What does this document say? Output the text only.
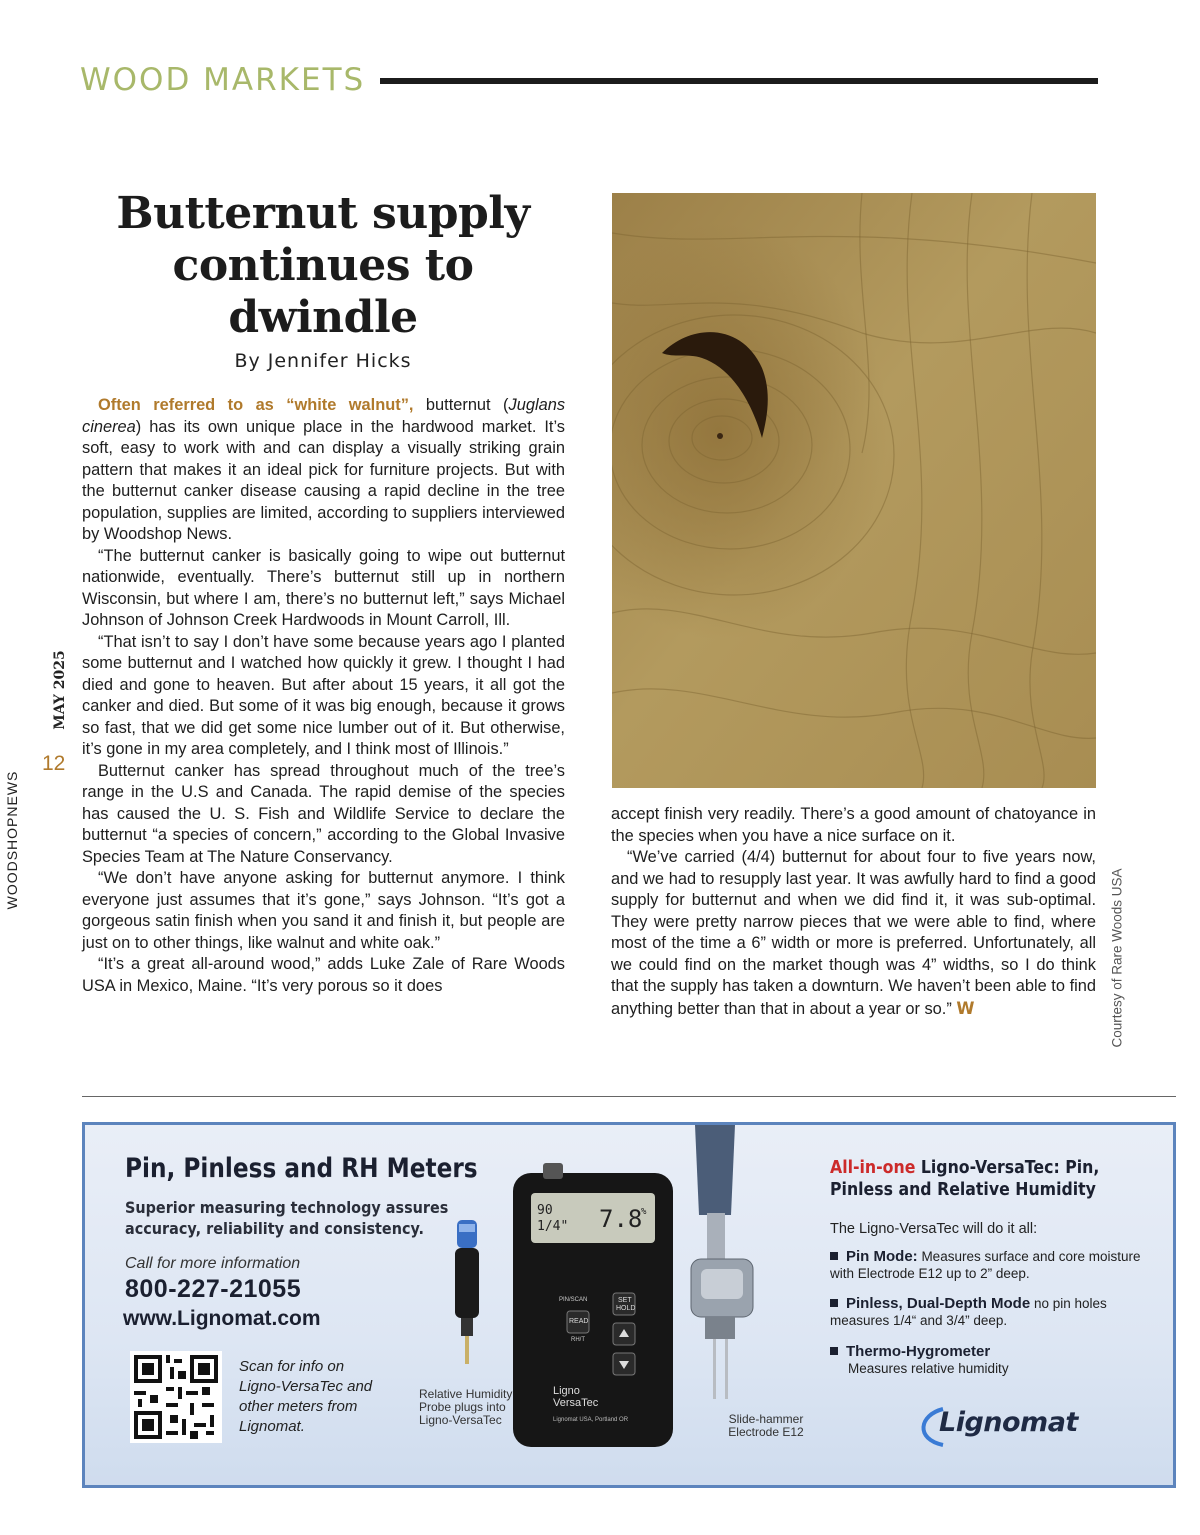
WOOD MARKETS
WOODSHOPNEWS
12
MAY 2025
Butternut supply continues to dwindle
By Jennifer Hicks

Often referred to as “white walnut”, butternut (Juglans cinerea) has its own unique place in the hardwood market. It’s soft, easy to work with and can display a visually striking grain pattern that makes it an ideal pick for furniture projects. But with the butternut canker disease causing a rapid decline in the tree population, supplies are limited, according to suppliers interviewed by Woodshop News.

“The butternut canker is basically going to wipe out butternut nationwide, eventually. There’s butternut still up in northern Wisconsin, but where I am, there’s no butternut left,” says Michael Johnson of Johnson Creek Hardwoods in Mount Carroll, Ill.

“That isn’t to say I don’t have some because years ago I planted some butternut and I watched how quickly it grew. I thought I had died and gone to heaven. But after about 15 years, it all got the canker and died. But some of it was big enough, because it grows so fast, that we did get some nice lumber out of it. But otherwise, it’s gone in my area completely, and I think most of Illinois.”

Butternut canker has spread throughout much of the tree’s range in the U.S and Canada. The rapid demise of the species has caused the U. S. Fish and Wildlife Service to declare the butternut “a species of concern,” according to the Global Invasive Species Team at The Nature Conservancy.

“We don’t have anyone asking for butternut anymore. I think everyone just assumes that it’s gone,” says Johnson. “It’s got a gorgeous satin finish when you sand it and finish it, but people are just on to other things, like walnut and white oak.”

“It’s a great all-around wood,” adds Luke Zale of Rare Woods USA in Mexico, Maine. “It’s very porous so it does	Courtesy of Rare Woods USA

accept finish very readily. There’s a good amount of chatoyance in the species when you have a nice surface on it.

“We’ve carried (4/4) butternut for about four to five years now, and we had to resupply last year. It was awfully hard to find a good supply for butternut and when we did find it, it was sub-optimal. They were pretty narrow pieces that we were able to find, where most of the time a 6” width or more is preferred. Unfortunately, all we could find on the market though was 4” widths, so I do think that the supply has taken a downturn. We haven’t been able to find anything better than that in about a year or so.” W

Pin, Pinless and RH Meters
Superior measuring technology assures accuracy, reliability and consistency.
Call for more information
800-227-21055
www.Lignomat.com
Scan for info on Ligno-VersaTec and other meters from Lignomat.
Relative Humidity Probe plugs into Ligno-VersaTec
90
1/4" 7.8
%
PIN/SCAN
READ
RH/T
SET
HOLD
Ligno
VersaTec
Lignomat USA, Portland OR	Slide-hammer Electrode E12
All-in-one Ligno-VersaTec: Pin, Pinless and Relative Humidity
The Ligno-VersaTec will do it all:
Pin Mode: Measures surface and core moisture with Electrode E12 up to 2” deep.
Pinless, Dual-Depth Mode no pin holes measures 1/4“ and 3/4” deep.
Thermo-Hygrometer
Measures relative humidity
Lignomat
